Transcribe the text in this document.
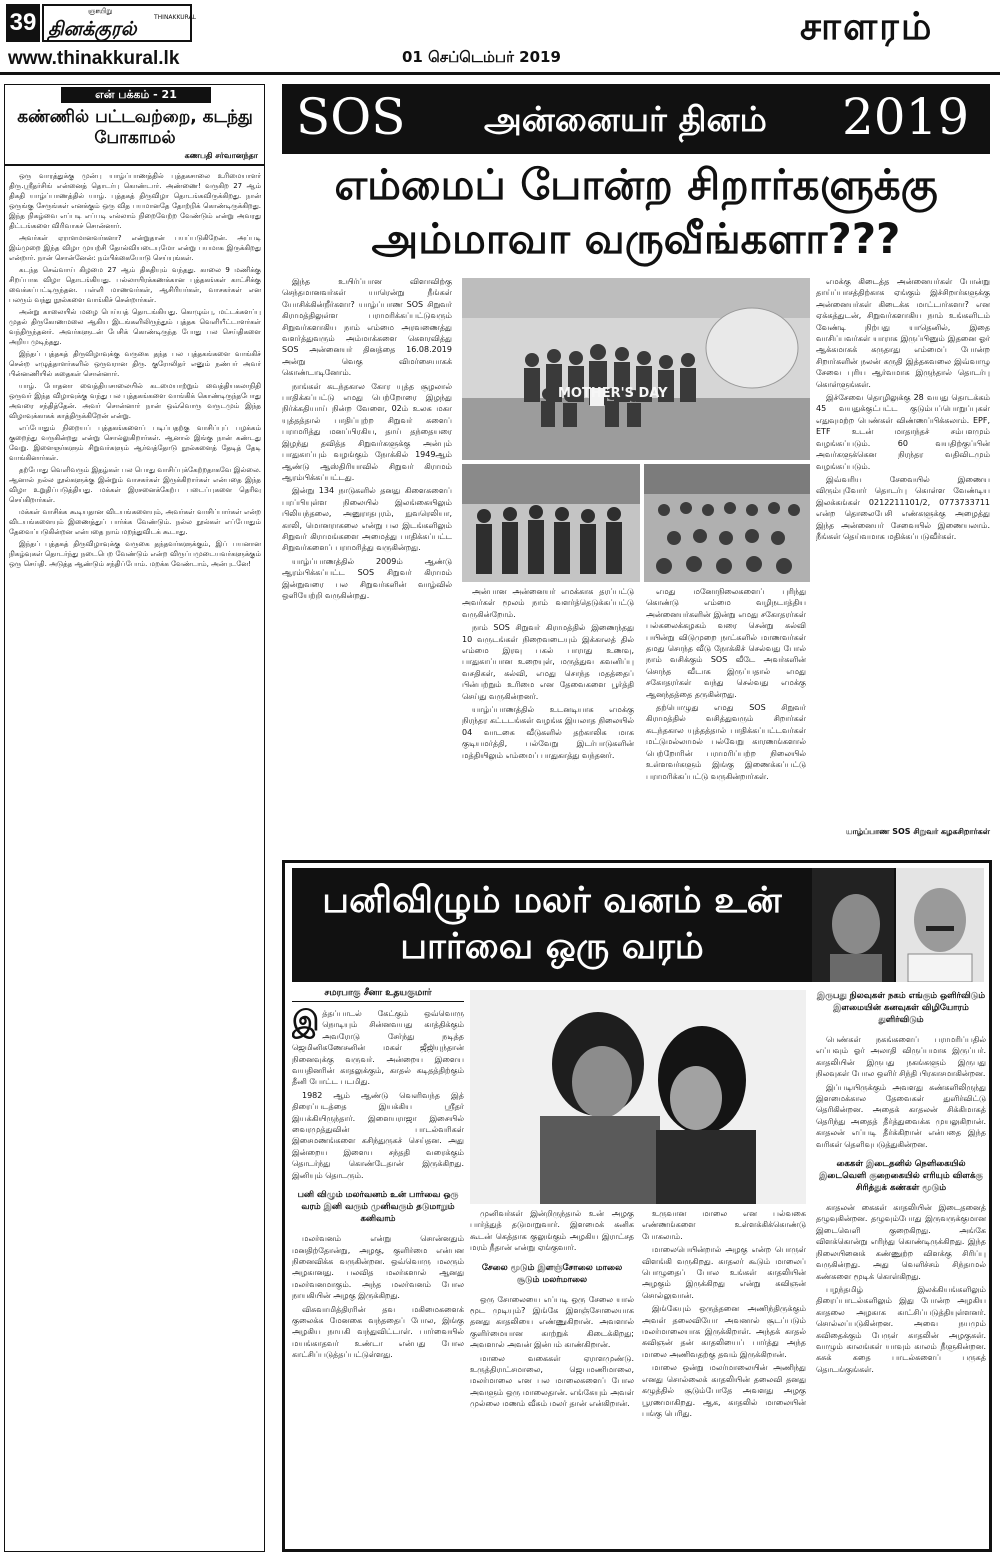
39	ஞாயிறு
தினக்குரல்
THINAKKURAL
www.thinakkural.lk	01 செப்டெம்பர் 2019
சாளரம்
என் பக்கம் - 21
கண்ணில் பட்டவற்றை, கடந்து போகாமல்
கணபதி சர்வானந்தா

ஒரு வாரத்துக்கு முன்பு யாழ்ப்பாணத்தில் புத்தகசாலை உரிமையாளர் திரு.ஸ்ரீதர்சிங் என்னைத் தொடர்பு கொண்டார். அண்ணை! வருகிற 27 ஆம் திகதி யாழ்ப்பாணத்தில் யாழ். புத்தகத் திருவிழா தொடங்கவிருக்கிறது. நான் ஒருங்கு சேருங்கள் எனக்கும் ஒரு வித பயமானதே தோற்றிக் கொண்டிருக்கிறது. இந்த நிகழ்வை எப்படி எப்படி எல்லாம் நிறைவேற்ற வேண்டும் என்று அவரது திட்டங்களை விரிவாகச் சொன்னார்.

அவர்கள் ஏராளமானவர்களா? என்றுதான் பயப்படுகிறேன். அப்படி இம்முறை இந்த விழா முயற்சி தோல்வியடையுமோ என்று பயமாக இருக்கிறது என்றார். நான் சொன்னேன்: நம்பிக்கையோடு செய்யுங்கள்.

கடந்த செவ்வாய் கிழமை 27 ஆம் திகதியும் வந்தது. காலை 9 மணிக்கு சிறப்பாக விழா தொடங்கியது. பல்லாயிரக்கணக்கான புத்தகங்கள் காட்சிக்கு வைக்கப்பட்டிருந்தன. பள்ளி மாணவர்கள், ஆசிரியர்கள், வாசகர்கள் என பலரும் வந்து நூல்களை வாங்கிச் சென்றார்கள்.

அன்று காலையில் மழை பெய்யத் தொடங்கியது. கொழும்பு, மட்டக்களப்பு முதல் திருகோணமலை ஆகிய இடங்களிலிருந்தும் புத்தக வெளியீட்டாளர்கள் வந்திருந்தனர். அவர்களுடன் பேசிக் கொண்டிருந்த போது பல செய்திகளை அறிய முடிந்தது.

இந்தப் புத்தகத் திருவிழாவுக்கு வருகை தந்த பல புத்தகங்களை வாங்கிச் சென்ற எழுத்தாளர்களில் ஒருவரான திரு. குரோலிதர் எனும் நண்பர் அவர் பின்னணியில் கதைகள் சொன்னார்.

யாழ். போதனா வைத்தியசாலையில் கடமையாற்றும் வைத்தியகலாநிதி ஒருவர் இந்த விழாவுக்கு வந்து பல புத்தகங்களை வாங்கிக் கொண்டிருந்தபோது அவரை சந்தித்தேன். அவர் சொன்னார் நான் ஒவ்வொரு வருடமும் இந்த விழாவுக்காகக் காத்திருக்கிறேன் என்று.

எப்போதும் நிறையப் புத்தகங்களைப் படிப்பதற்கு வாசிப்புப் பழக்கம் குறைந்து வருகின்றது என்று சொல்லுகிறார்கள். ஆனால் இங்கு நான் கண்டது வேறு. இளைஞர்களும் சிறுவர்களும் ஆர்வத்தோடு நூல்களைத் தேடித் தேடி வாங்கினார்கள்.

தற்போது வெளிவரும் இதழ்கள் பல பொது வாசிப்புக்கேற்றதாகவே இல்லை. ஆனால் நல்ல நூல்களுக்கு இன்றும் வாசகர்கள் இருக்கிறார்கள் என்பதை இந்த விழா உறுதிப்படுத்தியது. மக்கள் இரசனைக்கேற்ப படைப்புகளை தெரிவு செய்கிறார்கள்.

மக்கள் வாசிக்க கூடியதான விடயங்களையும், அவர்கள் வாசிப்பார்கள் என்ற விடயங்களையும் இணைத்துப் பார்க்க வேண்டும். நல்ல நூல்கள் எப்போதும் தேவைப்படுகின்றன என்பதை நாம் மறந்துவிடக் கூடாது.

இந்தப் புத்தகத் திருவிழாவுக்கு வருகை தந்தவர்களுக்கும், இப் பயனான நிகழ்வுகள் தொடர்ந்து நடைபெற வேண்டும் என்ற விருப்பமுடையவர்களுக்கும் ஒரு செய்தி. அடுத்த ஆண்டும் சந்திப்போம். மறக்க வேண்டாம், அன்புடனே!

SOS அன்னையர் தினம் 2019
எம்மைப் போன்ற சிறார்களுக்கு அம்மாவா வருவீங்களா???

இந்த உயிர்ப்பான விளாவிற்கு செந்தமானவர்கள் யாரென்று நீங்கள் யோசிக்கின்றீர்களா? யாழ்ப்பாண SOS சிறுவர் கிராமத்திலுள்ள பராமரிக்கப்பட்டுவரும் சிறுவர்களாகிய நாம் எம்மை அரவணைத்து வளர்த்துவரும் அம்மாக்களை கௌரவித்து SOS அன்னையர் தினத்தை 16.08.2019 அன்று வெகு விமர்சையாகக் கொண்டாடினோம்.

நாங்கள் கடந்தகால கோர யுத்த சூழலால் பாதிக்கப்பட்டு எமது பெற்றோரை இழந்து நிர்க்கதியாய் நின்ற வேளை, 02ம் உலக மகா யுத்தத்தால் பாதிப்புற்ற சிறுவர் களைப் பராமரித்து மனப்பிரகிய, தாய் தந்தையரை இழந்து தவித்த சிறுவர்களுக்கு அன்பும் பாதுகாப்பும் வழங்கும் நோக்கில் 1949ஆம் ஆண்டு ஆஸ்திரியாவில் சிறுவர் கிராமம் ஆரம்பிக்கப்பட்டது.

இன்று 134 நாடுகளில் தனது கிளைகளைப் பரப்பியுள்ள நிலையில் இலங்கையிலும் பிலியந்தலை, அனுராதபுரம், நுவரெலியா, காலி, மொனராகலை என்று பல இடங்களிலும் சிறுவர் கிராமங்களை அமைத்து பாதிக்கப்பட்ட சிறுவர்களைப் பராமரித்து வருகின்றது.

யாழ்ப்பாணத்தில் 2009ம் ஆண்டு ஆரம்பிக்கப்பட்ட SOS சிறுவர் கிராமம் இன்றுவரை பல சிறுவர்களின் வாழ்வில் ஒளியேற்றி வருகின்றது.

MOTHER'S DAY

அன்பான அன்னையர் எமக்காக தரப்பட்டு அவர்கள் மூலம் நாம் வளர்த்தெடுக்கப்பட்டு வருகின்றோம்.

நாம் SOS சிறுவர் கிராமத்தில் இணைந்தது 10 வருடங்கள் நிறைவடையும் இக்காலத் தில் எம்மை இரவு பகல் பாராது உணவு, பாதுகாப்பான உறையுள், மருத்துவ கவனிப்பு வசதிகள், கல்வி, எமது சொந்த மதத்தைப் பின்பற்றும் உரிமை என தேவைகளை பூர்த்தி செய்து வருகின்றனர்.

யாழ்ப்பாணத்தில் உடனடியாக எமக்கு நிரந்தர கட்டடங்கள் வழங்க இயலாத நிலையில் 04 வாடகை வீடுகளில் தற்காலிக மாக குடியமர்த்தி, பல்வேறு இடர்பாடுகளின் மத்தியிலும் எம்மைப் பாதுகாத்து வந்தனர்.

எமது மனோநிலைகளைப் புரிந்து கொண்டு எம்மை வழிநடாத்திய அன்னையர்களின் இன்று எமது சகோதரர்கள் பல்கலைக்கழகம் வரை சென்று கல்வி பயின்று விடுமுறை நாட்களில் மாணவர்கள் தமது சொந்த வீடு நோக்கிச் செல்வது போல் நாம் வசிக்கும் SOS வீடே அவர்களின் சொந்த வீடாக இருப்பதால் எமது சகோதரர்கள் வந்து செல்வது எமக்கு ஆனந்தத்தை தருகின்றது.

தற்பொழுது எமது SOS சிறுவர் கிராமத்தில் வசித்துவரும் சிறார்கள் கடந்தகால யுத்தத்தால் பாதிக்கப்பட்டவர்கள் மட்டுமல்லாமல் பல்வேறு காரணங்களால் பெற்றோரின் பராமரிப்பற்ற நிலையில் உள்ளவர்களும் இங்கு இணைக்கப்பட்டு பராமரிக்கப்பட்டு வருகின்றார்கள்.

எமக்கு கிடைத்த அன்னையர்கள் போன்று தாய்ப்பாசத்திற்காக ஏங்கும் இச்சிறார்களுக்கு அன்னையர்கள் கிடைக்க மாட்டார்களா? என ஏக்கத்துடன், சிறுவர்களாகிய நாம் உங்களிடம் வேண்டி நிற்பது யாதெனில், இதை வாசிப்பவர்கள் யாராக இருப்பினும் இதனை ஓர் ஆக்கமாகக் கருதாது எம்மைப் போன்ற சிறார்களின் நலன் கருதி இத்தகவலை இவ்வாழு சேவை புரிய ஆர்வமாக இருந்தால் தொடர்பு கொள்ளுங்கள்.

இச்சேவை தொழிலுக்கு 28 வயது தொடக்கம் 45 வயதுக்குட்பட்ட குடும்பப்பொறுப்புகள் எதுவுமற்ற பெண்கள் விண்ணப்பிக்கலாம். EPF, ETF உடன் மாதாந்தச் சம்பளமும் வழங்கப்படும். 60 வயதிற்குப்பின் அவர்களுக்கென நிரந்தர வதிவிடமும் வழங்கப்படும்.

இவ்வரிய சேவையில் இணைய விரும்புவோர் தொடர்பு கொள்ள வேண்டிய இலக்கங்கள் 0212211101/2, 0773733711 என்ற தொலைபேசி எண்களுக்கு அழைத்து இந்த அன்னையர் சேவையில் இணையலாம். நீங்கள் தெய்வமாக மதிக்கப்படுவீர்கள்.

யாழ்ப்பாண SOS சிறுவர் கழகசிறார்கள்
பனிவிழும் மலர் வனம் உன் பார்வை ஒரு வரம்
சமரபாகு சீனா உதயகுமார்

இத்தப்பாடல் கேட்கும் ஒவ்வொரு நொடியும் சின்னவயது காத்திக்கும் அவரோடு சேர்ந்து நடித்த ஜெமினிகணேசனின் மகள் ஜீஜியுந்தான் நினைவுக்கு வருவர். அன்றைய இளைய வயதினரின் காதலுக்கும், காதல் கடிதத்திற்கும் தீனி போட்ட படமிது.

1982 ஆம் ஆண்டு வெளிவந்த இத் திரைப்படத்தை இயக்கிய ஸ்ரீதர் இயக்கியிருந்தார். இளையராஜா இசையில் வைரமுத்துவின் பாடல்வரிகள் இசைமணங்களை கசிந்துருகச் செய்தன. அது இன்றைய இளைய சந்ததி வரைக்கும் தொடர்ந்து கொண்டேதான் இருக்கிறது. இனியும் தொடரும்.

பனி விழும் மலர்வனம் உன் பார்வை ஒரு வரம் இனி வரும் முனிவரும் தடுமாறும் கனிவாம்

மலர்வனம் என்று சொன்னதும் மனதிற்தோன்று, அழகு, குளிர்மை என்பன நினைவிக்க வருகின்றன. ஒவ்வொரு மலரும் அழகானது. பலவித மலர்களால் ஆனது மலர்வனமாகும். அந்த மலர்வனம் போல நாயகியின் அழகு இருக்கிறது.

விசுவாமித்திரரின் தவ மகிமைகளைக் குலைக்க மேனகை வந்ததைப் போல, இங்கு அழகிய நாயகி வந்துவிட்டாள். பார்வையில் மயங்காதவர் உண்டா என்பது போல காட்சிப்படுத்தப்பட்டுள்ளது.

முனிவர்கள் இன்றிருந்தால் உன் அழகு பார்த்துத் தடுமாறுவார். இளமைக் கனிக கூடன் கெத்தாக குலுங்கும் அழகிய இராட்சத மரம் நீதான் என்று ஏங்குவார்.

சேலை மூடும் இளஞ்சோலை மாலை சூடும் மலர்மாலை

ஒரு சோலையை எப்படி ஒரு சேலை யால் மூட முடியும்? இங்கே இளஞ்சோலையாக தனது காதலியை எண்ணுகிறான். அவளால் குளிர்மையான காற்றுக் கிடைக்கிறது; அவளால் அவன் இன்பம் காண்கிறான்.

மாலை வகைகள் ஏராளமுண்டு. உருத்திராட்சமாலை, ஜெபமணிமாலை, மலர்மாலை என பல மாலைகளைப் போல அவளும் ஒரு மாலைதான். எங்கேயும் அவள் முல்லை மணம் வீசும் மலர் தான் என்கிறான்.

உருவான மாலை என பல்வகை எண்ணங்களை உள்ளக்கிக்கொண்டு போகலாம்.

மாலைபெயின்றால் அழகு என்ற பொருள் விளங்கி வருகிறது. காதலர் கூடும் மாலைப் பொழுதைப் போல உங்கள் காதலியின் அழகும் இருக்கிறது என்று கவிஞன் சொல்லுவான்.

இங்கேயும் ஒருத்தனை அணிந்திருக்கும் அவள் தலைவியோ அவனால் சூடப்படும் மலர்மாலையாக இருக்கிறாள். அந்தக் காதல் கவிஞன் தன் காதலியைப் பார்த்து அந்த மாலை அணிவதற்கு தவம் இருக்கிறான்.

மாலை ஒன்று மலர்மாலையின் அணிந்து எனது சொல்லைக் காதலியின் தலைவி தனது கழுத்தில் சூடும்போதே அவளது அழகு பூரணமாகிறது. ஆக, காதலில் மாலையின் பங்கு பெரிது.

இருபது நிலவுகள் நகம் எங்கும் ஒளிர்விடும் இளமையின் கனவுகள் விழியோரம் துளிர்விடும்

பெண்கள் நகங்களைப் பராமரிப்பதில் எப்பவும் ஓர் அலாதி விருப்பமாக இருப்பர். காதலியின் இருபது நகங்களும் இருபது நிலவுகள் போல ஒளிர் சிந்தி பிரகாசமாகின்றன.

இப்படியிருக்கும் அவளது கண்களிலிருந்து இளமைக்கால தேவைகள் துளிர்விட்டு தெரிகின்றன. அதைக் காதலன் சிக்கிமாகத் தெரிந்து அதைத் தீர்த்துவைக்க முயலுகிறான். காதலன் எப்படி தீர்க்கிறான் என்பதை இந்த வரிகள் தெளிவுபடுத்துகின்றன.

கைகள் இடைதனில் நெளிகையில் இடைவெளி குறைகையில் எரியும் விளக்கு சிரித்துக் கண்கள் மூடும்

காதலன் கைகள் காதலியின் இடைதனைத் தழுவுகின்றன. தழுவும்போது இருவருக்குமான இடைவெளி குறைகிறது. அங்கே விளக்கொன்று எரிந்து கொண்டிருக்கிறது. இந்த நிலையினைக் கண்ணுற்ற விளக்கு சிரிப்பு வருகின்றது. அது வெளிச்சம் சிந்தாமல் கண்களை மூடிக் கொள்கிறது.

பழந்தமிழ் இலக்கியங்களிலும் திரைப்பாடல்களிலும் இது போன்ற அழகிய காதலை அழகாக காட்சிப்படுத்தியுள்ளனர். சொல்லப்படுகின்றன. அவை நயமும் கவிதைக்கும் பேருள் காதலின் அழகுகள். வாழும் காலங்கள் யாவும் காலம் நீளுகின்றன. கசுக் கதை பாடல்களைப் பருகத் தொடங்குங்கள்.
